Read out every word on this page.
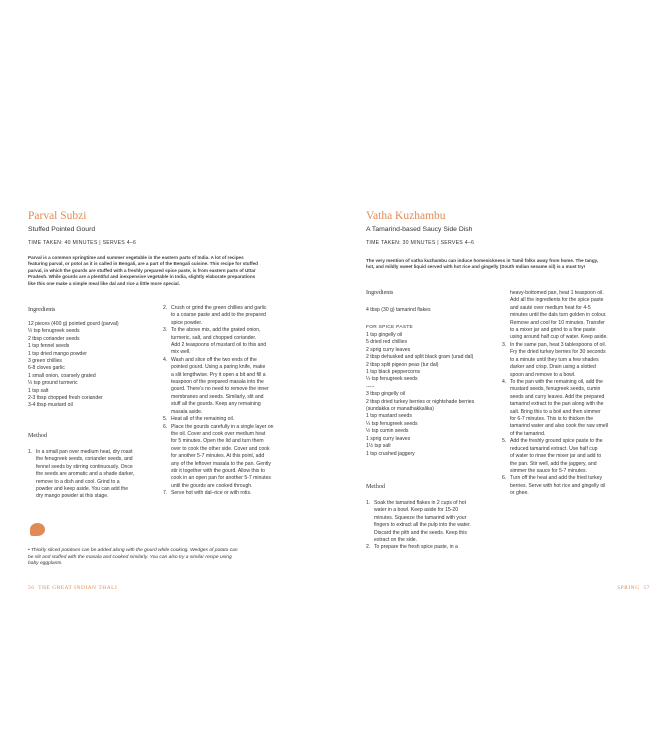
Parval Subzi
Stuffed Pointed Gourd
TIME TAKEN: 40 MINUTES | SERVES 4–6
Parval is a common springtime and summer vegetable in the eastern parts of India. A lot of recipes
featuring parval, or potol as it is called in Bengali, are a part of the Bengali cuisine. This recipe for stuffed
parval, in which the gourds are stuffed with a freshly prepared spice paste, is from eastern parts of Uttar
Pradesh. While gourds are a plentiful and inexpensive vegetable in India, slightly elaborate preparations
like this one make a simple meal like dal and rice a little more special.
Ingredients
12 pieces (400 g) pointed gourd (parval)
½ tsp fenugreek seeds
2 tbsp coriander seeds
1 tsp fennel seeds
1 tsp dried mango powder
3 green chillies
6-8 cloves garlic
1 small onion, coarsely grated
½ tsp ground turmeric
1 tsp salt
2-3 tbsp chopped fresh coriander
3-4 tbsp mustard oil
Method
1. In a small pan over medium heat, dry roast
the fenugreek seeds, coriander seeds, and
fennel seeds by stirring continuously. Once
the seeds are aromatic and a shade darker,
remove to a dish and cool. Grind to a
powder and keep aside. You can add the
dry mango powder at this stage.
2. Crush or grind the green chillies and garlic
to a coarse paste and add to the prepared
spice powder.
3. To the above mix, add the grated onion,
turmeric, salt, and chopped coriander.
Add 2 teaspoons of mustard oil to this and
mix well.
4. Wash and slice off the two ends of the
pointed gourd. Using a paring knife, make
a slit lengthwise. Pry it open a bit and fill a
teaspoon of the prepared masala into the
gourd. There’s no need to remove the inner
membranes and seeds. Similarly, slit and
stuff all the gourds. Keep any remaining
masala aside.
5. Heat all of the remaining oil.
6. Place the gourds carefully in a single layer on
the oil. Cover and cook over medium heat
for 5 minutes. Open the lid and turn them
over to cook the other side. Cover and cook
for another 5-7 minutes. At this point, add
any of the leftover masala to the pan. Gently
stir it together with the gourd. Allow this to
cook in an open pan for another 5-7 minutes
until the gourds are cooked through.
7. Serve hot with dal–rice or with rotis.
• Thickly sliced potatoes can be added along with the gourd while cooking. Wedges of potato can
be slit and stuffed with the masala and cooked similarly. You can also try a similar recipe using
baby eggplants.
56 THE GREAT INDIAN THALI
Vatha Kuzhambu
A Tamarind-based Saucy Side Dish
TIME TAKEN: 30 MINUTES | SERVES 4–6
The very mention of vatha kuzhambu can induce homesickness in Tamil folks away from home. The tangy,
hot, and mildly sweet liquid served with hot rice and gingelly (South Indian sesame oil) is a must try!
Ingredients
4 tbsp (30 g) tamarind flakes
FOR SPICE PASTE
1 tsp gingelly oil
5 dried red chillies
2 sprig curry leaves
2 tbsp dehusked and split black gram (urad dal)
2 tbsp split pigeon peas (tur dal)
1 tsp black peppercorns
¼ tsp fenugreek seeds
-----
3 tbsp gingelly oil
2 tbsp dried turkey berries or nightshade berries
(sundakka or manathakkalika)
1 tsp mustard seeds
¼ tsp fenugreek seeds
½ tsp cumin seeds
1 sprig curry leaves
1½ tsp salt
1 tsp crushed jaggery
Method
1. Soak the tamarind flakes in 2 cups of hot
water in a bowl. Keep aside for 15-20
minutes. Squeeze the tamarind with your
fingers to extract all the pulp into the water.
Discard the pith and the seeds. Keep this
extract on the side.
2. To prepare the fresh spice paste, in a
heavy-bottomed pan, heat 1 teaspoon oil.
Add all the ingredients for the spice paste
and sauté over medium heat for 4-5
minutes until the dals turn golden in colour.
Remove and cool for 10 minutes. Transfer
to a mixer jar and grind to a fine paste
using around half cup of water. Keep aside.
3. In the same pan, heat 3 tablespoons of oil.
Fry the dried turkey berries for 30 seconds
to a minute until they turn a few shades
darker and crisp. Drain using a slotted
spoon and remove to a bowl.
4. To the pan with the remaining oil, add the
mustard seeds, fenugreek seeds, cumin
seeds and curry leaves. Add the prepared
tamarind extract to the pan along with the
salt. Bring this to a boil and then simmer
for 6-7 minutes. This is to thicken the
tamarind water and also cook the raw smell
of the tamarind.
5. Add the freshly ground spice paste to the
reduced tamarind extract. Use half cup
of water to rinse the mixer jar and add to
the pan. Stir well, add the jaggery, and
simmer the sauce for 5-7 minutes.
6. Turn off the heat and add the fried turkey
berries. Serve with hot rice and gingelly oil
or ghee.
SPRING 57
